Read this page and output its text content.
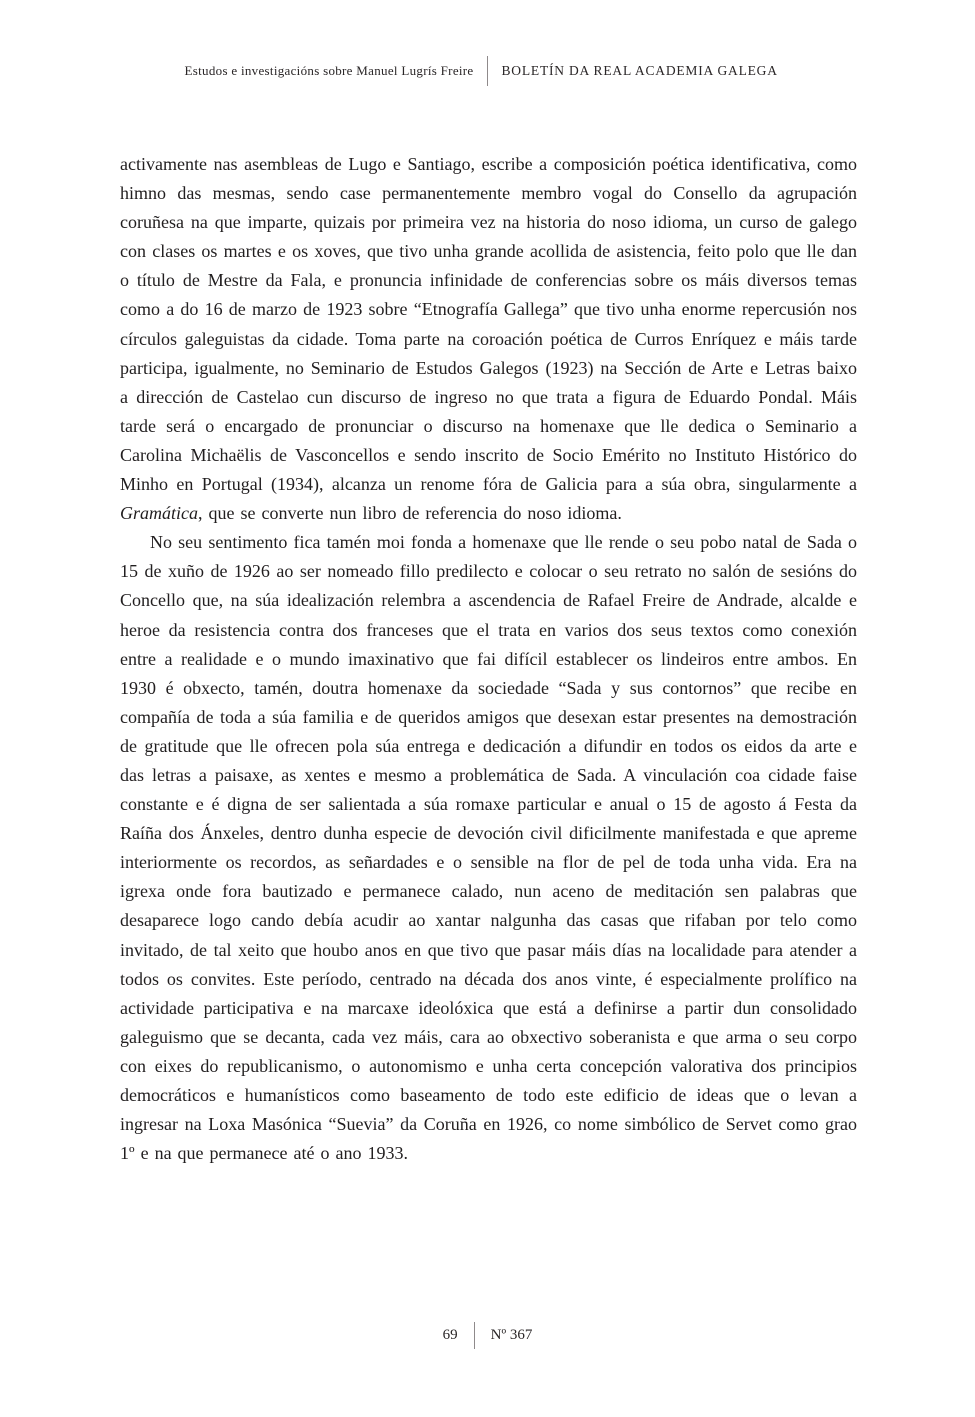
Estudos e investigacións sobre Manuel Lugrís Freire	BOLETÍN DA REAL ACADEMIA GALEGA

activamente nas asembleas de Lugo e Santiago, escribe a composición poética identificativa, como himno das mesmas, sendo case permanentemente membro vogal do Consello da agrupación coruñesa na que imparte, quizais por primeira vez na historia do noso idioma, un curso de galego con clases os martes e os xoves, que tivo unha grande acollida de asistencia, feito polo que lle dan o título de Mestre da Fala, e pronuncia infinidade de conferencias sobre os máis diversos temas como a do 16 de marzo de 1923 sobre “Etnografía Gallega” que tivo unha enorme repercusión nos círculos galeguistas da cidade. Toma parte na coroación poética de Curros Enríquez e máis tarde participa, igualmente, no Seminario de Estudos Galegos (1923) na Sección de Arte e Letras baixo a dirección de Castelao cun discurso de ingreso no que trata a figura de Eduardo Pondal. Máis tarde será o encargado de pronunciar o discurso na homenaxe que lle dedica o Seminario a Carolina Michaëlis de Vasconcellos e sendo inscrito de Socio Emérito no Instituto Histórico do Minho en Portugal (1934), alcanza un renome fóra de Galicia para a súa obra, singularmente a Gramática, que se converte nun libro de referencia do noso idioma.

No seu sentimento fica tamén moi fonda a homenaxe que lle rende o seu pobo natal de Sada o 15 de xuño de 1926 ao ser nomeado fillo predilecto e colocar o seu retrato no salón de sesións do Concello que, na súa idealización relembra a ascendencia de Rafael Freire de Andrade, alcalde e heroe da resistencia contra dos franceses que el trata en varios dos seus textos como conexión entre a realidade e o mundo imaxinativo que fai difícil establecer os lindeiros entre ambos. En 1930 é obxecto, tamén, doutra homenaxe da sociedade “Sada y sus contornos” que recibe en compañía de toda a súa familia e de queridos amigos que desexan estar presentes na demostración de gratitude que lle ofrecen pola súa entrega e dedicación a difundir en todos os eidos da arte e das letras a paisaxe, as xentes e mesmo a problemática de Sada. A vinculación coa cidade faise constante e é digna de ser salientada a súa romaxe particular e anual o 15 de agosto á Festa da Raíña dos Ánxeles, dentro dunha especie de devoción civil dificilmente manifestada e que apreme interiormente os recordos, as señardades e o sensible na flor de pel de toda unha vida. Era na igrexa onde fora bautizado e permanece calado, nun aceno de meditación sen palabras que desaparece logo cando debía acudir ao xantar nalgunha das casas que rifaban por telo como invitado, de tal xeito que houbo anos en que tivo que pasar máis días na localidade para atender a todos os convites. Este período, centrado na década dos anos vinte, é especialmente prolífico na actividade participativa e na marcaxe ideolóxica que está a definirse a partir dun consolidado galeguismo que se decanta, cada vez máis, cara ao obxectivo soberanista e que arma o seu corpo con eixes do republicanismo, o autonomismo e unha certa concepción valorativa dos principios democráticos e humanísticos como baseamento de todo este edificio de ideas que o levan a ingresar na Loxa Masónica “Suevia” da Coruña en 1926, co nome simbólico de Servet como grao 1º e na que permanece até o ano 1933.

69 Nº 367
